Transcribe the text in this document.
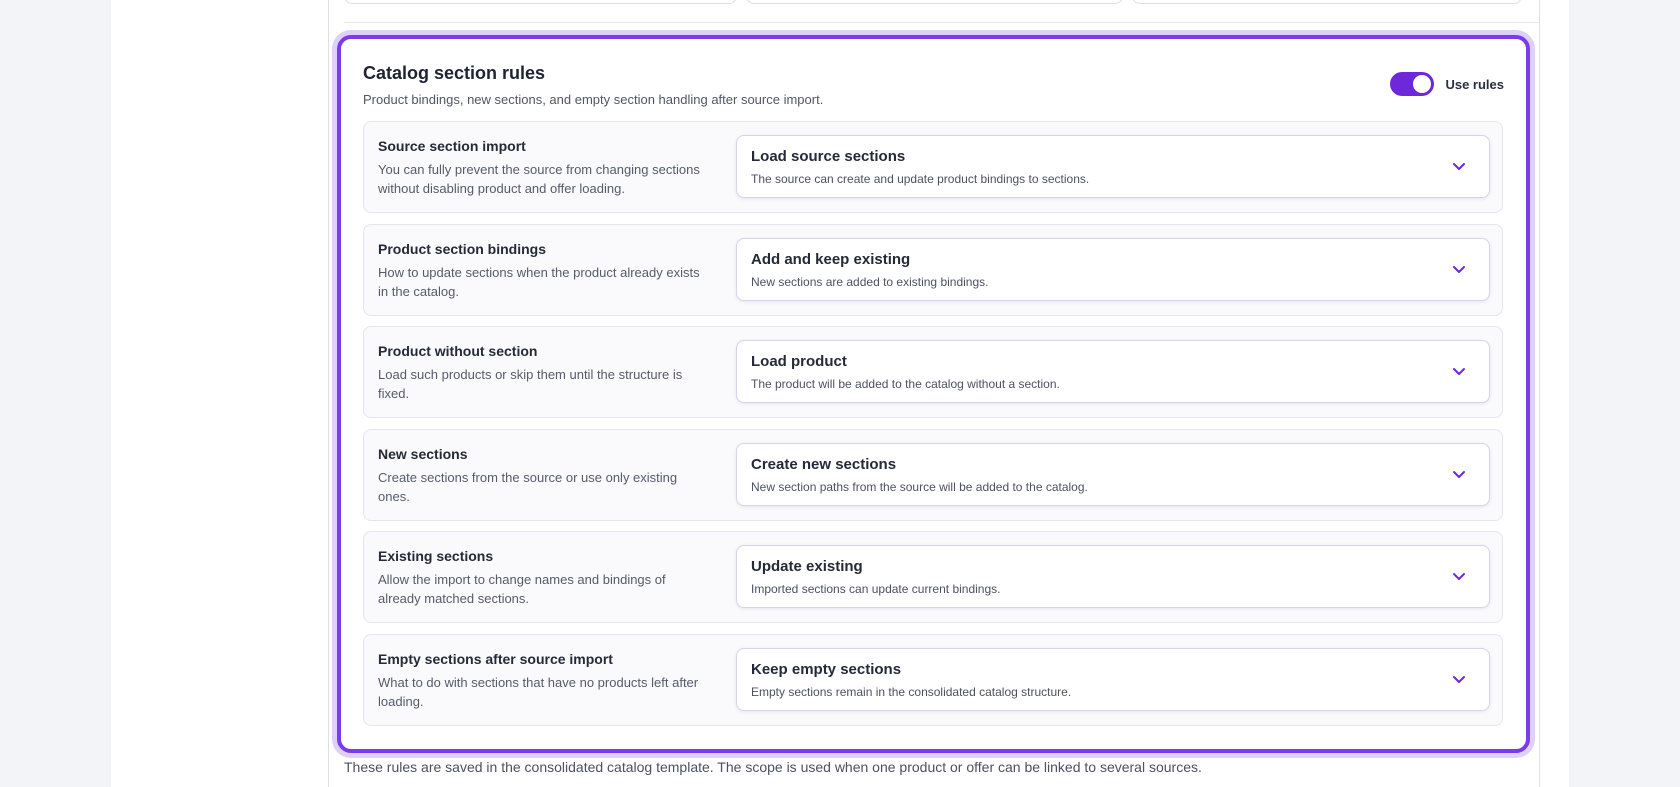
Catalog section rules

Product bindings, new sections, and empty section handling after source import.

Use rules
Source section import
You can fully prevent the source from changing sections without disabling product and offer loading.
Load source sections
The source can create and update product bindings to sections.
Product section bindings
How to update sections when the product already exists in the catalog.
Add and keep existing
New sections are added to existing bindings.
Product without section
Load such products or skip them until the structure is fixed.
Load product
The product will be added to the catalog without a section.
New sections
Create sections from the source or use only existing ones.
Create new sections
New section paths from the source will be added to the catalog.
Existing sections
Allow the import to change names and bindings of already matched sections.
Update existing
Imported sections can update current bindings.
Empty sections after source import
What to do with sections that have no products left after loading.
Keep empty sections
Empty sections remain in the consolidated catalog structure.

These rules are saved in the consolidated catalog template. The scope is used when one product or offer can be linked to several sources.
